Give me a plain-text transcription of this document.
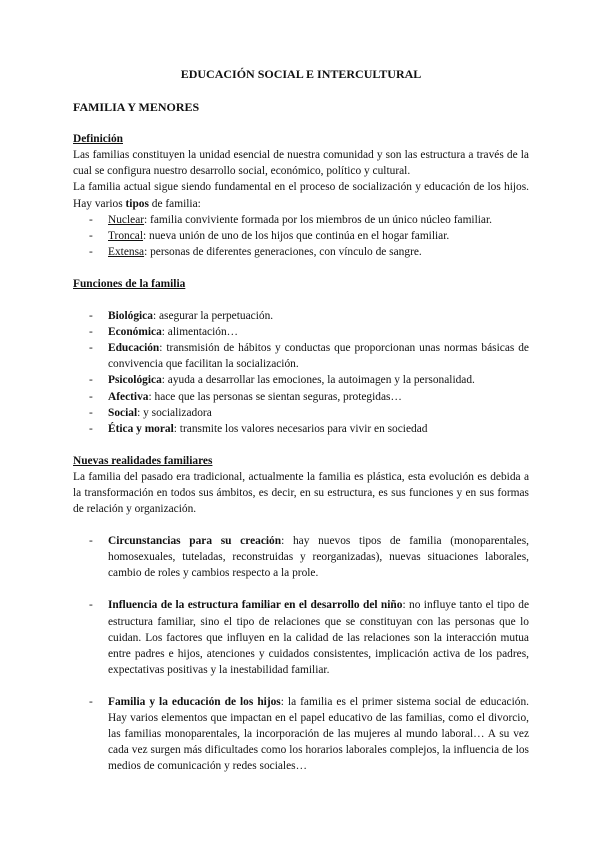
EDUCACIÓN SOCIAL E INTERCULTURAL
FAMILIA Y MENORES
Definición

Las familias constituyen la unidad esencial de nuestra comunidad y son las estructura a través de la cual se configura nuestro desarrollo social, económico, político y cultural.

La familia actual sigue siendo fundamental en el proceso de socialización y educación de los hijos. Hay varios tipos de familia:

- Nuclear: familia conviviente formada por los miembros de un único núcleo familiar.
- Troncal: nueva unión de uno de los hijos que continúa en el hogar familiar.
- Extensa: personas de diferentes generaciones, con vínculo de sangre.
Funciones de la familia
- Biológica: asegurar la perpetuación.
- Económica: alimentación…
- Educación: transmisión de hábitos y conductas que proporcionan unas normas básicas de convivencia que facilitan la socialización.
- Psicológica: ayuda a desarrollar las emociones, la autoimagen y la personalidad.
- Afectiva: hace que las personas se sientan seguras, protegidas…
- Social: y socializadora
- Ética y moral: transmite los valores necesarios para vivir en sociedad
Nuevas realidades familiares

La familia del pasado era tradicional, actualmente la familia es plástica, esta evolución es debida a la transformación en todos sus ámbitos, es decir, en su estructura, es sus funciones y en sus formas de relación y organización.

- Circunstancias para su creación: hay nuevos tipos de familia (monoparentales, homosexuales, tuteladas, reconstruidas y reorganizadas), nuevas situaciones laborales, cambio de roles y cambios respecto a la prole.
- Influencia de la estructura familiar en el desarrollo del niño: no influye tanto el tipo de estructura familiar, sino el tipo de relaciones que se constituyan con las personas que lo cuidan. Los factores que influyen en la calidad de las relaciones son la interacción mutua entre padres e hijos, atenciones y cuidados consistentes, implicación activa de los padres, expectativas positivas y la inestabilidad familiar.
- Familia y la educación de los hijos: la familia es el primer sistema social de educación. Hay varios elementos que impactan en el papel educativo de las familias, como el divorcio, las familias monoparentales, la incorporación de las mujeres al mundo laboral… A su vez cada vez surgen más dificultades como los horarios laborales complejos, la influencia de los medios de comunicación y redes sociales…
